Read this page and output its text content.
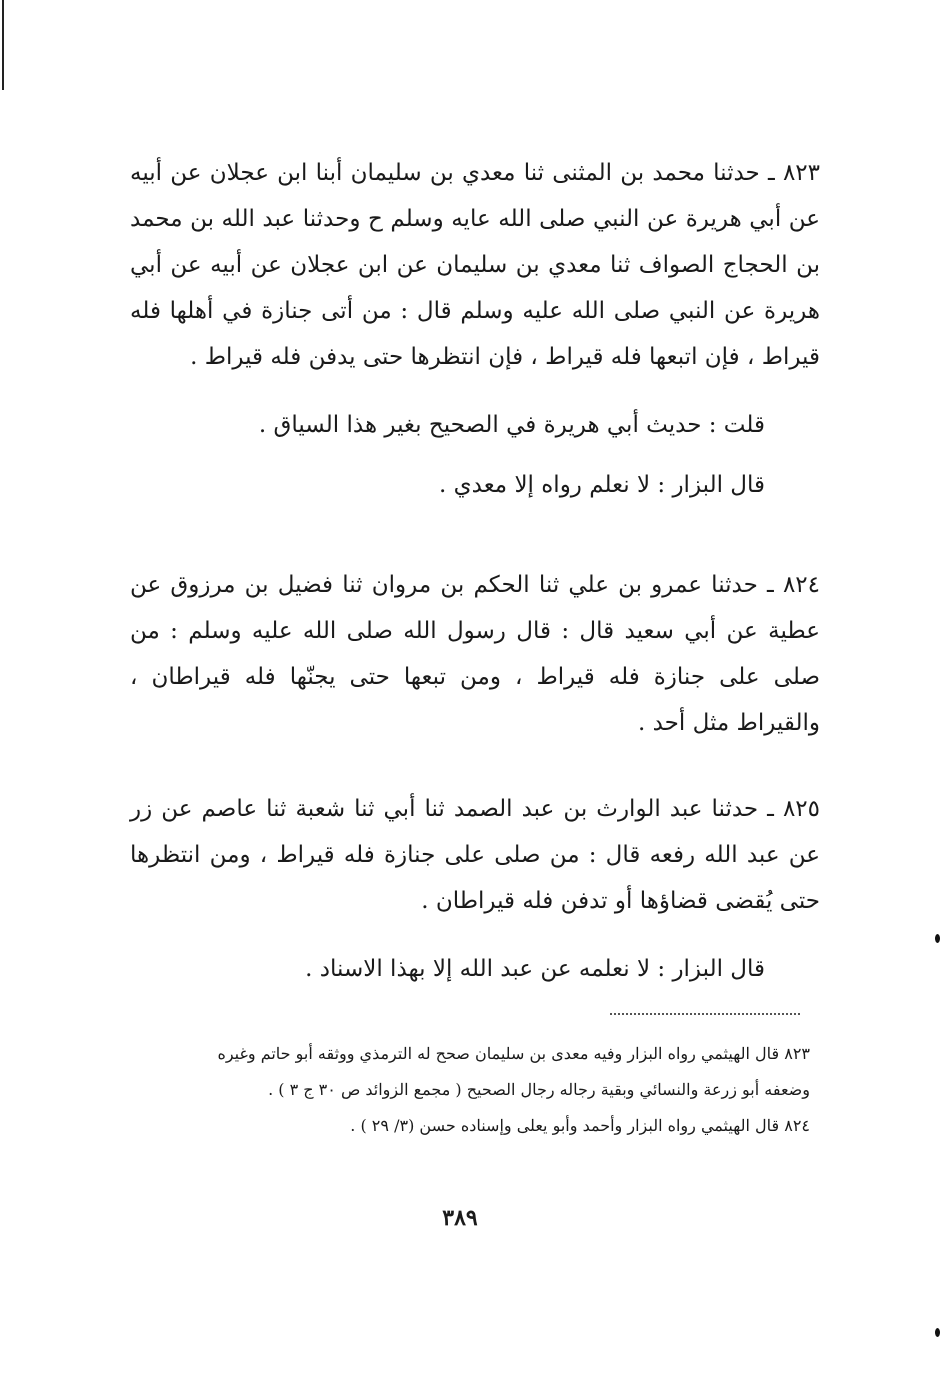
٨٢٣ ـ حدثنا محمد بن المثنى ثنا معدي بن سليمان أبنا ابن عجلان عن أبيه عن أبي هريرة عن النبي صلى الله عايه وسلم ح وحدثنا عبد الله بن محمد بن الحجاج الصواف ثنا معدي بن سليمان عن ابن عجلان عن أبيه عن أبي هريرة عن النبي صلى الله عليه وسلم قال : من أتى جنازة في أهلها فله قيراط ، فإن اتبعها فله قيراط ، فإن انتظرها حتى يدفن فله قيراط .

قلت : حديث أبي هريرة في الصحيح بغير هذا السياق .

قال البزار : لا نعلم رواه إلا معدي .

٨٢٤ ـ حدثنا عمرو بن علي ثنا الحكم بن مروان ثنا فضيل بن مرزوق عن عطية عن أبي سعيد قال : قال رسول الله صلى الله عليه وسلم : من صلى على جنازة فله قيراط ، ومن تبعها حتى يجنّها فله قيراطان ، والقيراط مثل أحد .

٨٢٥ ـ حدثنا عبد الوارث بن عبد الصمد ثنا أبي ثنا شعبة ثنا عاصم عن زر عن عبد الله رفعه قال : من صلى على جنازة فله قيراط ، ومن انتظرها حتى يُقضى قضاؤها أو تدفن فله قيراطان .

قال البزار : لا نعلمه عن عبد الله إلا بهذا الاسناد .

٨٢٣ قال الهيثمي رواه البزار وفيه معدى بن سليمان صحح له الترمذي ووثقه أبو حاتم وغيره

وضعفه أبو زرعة والنسائي وبقية رجاله رجال الصحيح ( مجمع الزوائد ص ٣٠ ج ٣ ) .

٨٢٤ قال الهيثمي رواه البزار وأحمد وأبو يعلى وإسناده حسن (٣/ ٢٩ ) .

٣٨٩
